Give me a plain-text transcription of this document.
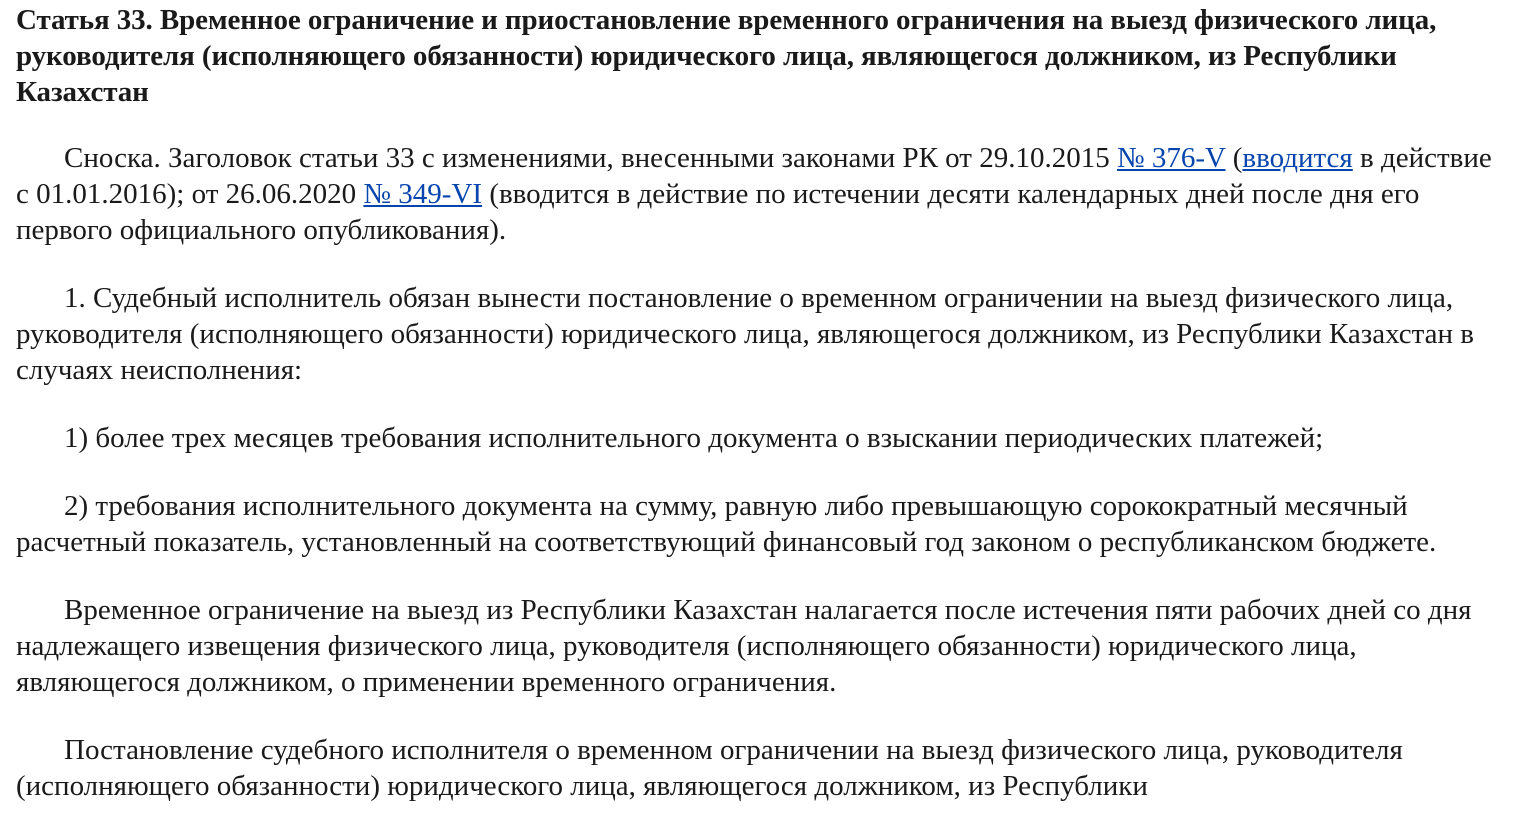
Статья 33. Временное ограничение и приостановление временного ограничения на выезд физического лица, руководителя (исполняющего обязанности) юридического лица, являющегося должником, из Республики Казахстан

Сноска. Заголовок статьи 33 с изменениями, внесенными законами РК от 29.10.2015 № 376-V (вводится в действие с 01.01.2016); от 26.06.2020 № 349-VI (вводится в действие по истечении десяти календарных дней после дня его первого официального опубликования).

1. Судебный исполнитель обязан вынести постановление о временном ограничении на выезд физического лица, руководителя (исполняющего обязанности) юридического лица, являющегося должником, из Республики Казахстан в случаях неисполнения:

1) более трех месяцев требования исполнительного документа о взыскании периодических платежей;

2) требования исполнительного документа на сумму, равную либо превышающую сорокократный месячный расчетный показатель, установленный на соответствующий финансовый год законом о республиканском бюджете.

Временное ограничение на выезд из Республики Казахстан налагается после истечения пяти рабочих дней со дня надлежащего извещения физического лица, руководителя (исполняющего обязанности) юридического лица, являющегося должником, о применении временного ограничения.

Постановление судебного исполнителя о временном ограничении на выезд физического лица, руководителя (исполняющего обязанности) юридического лица, являющегося должником, из Республики
